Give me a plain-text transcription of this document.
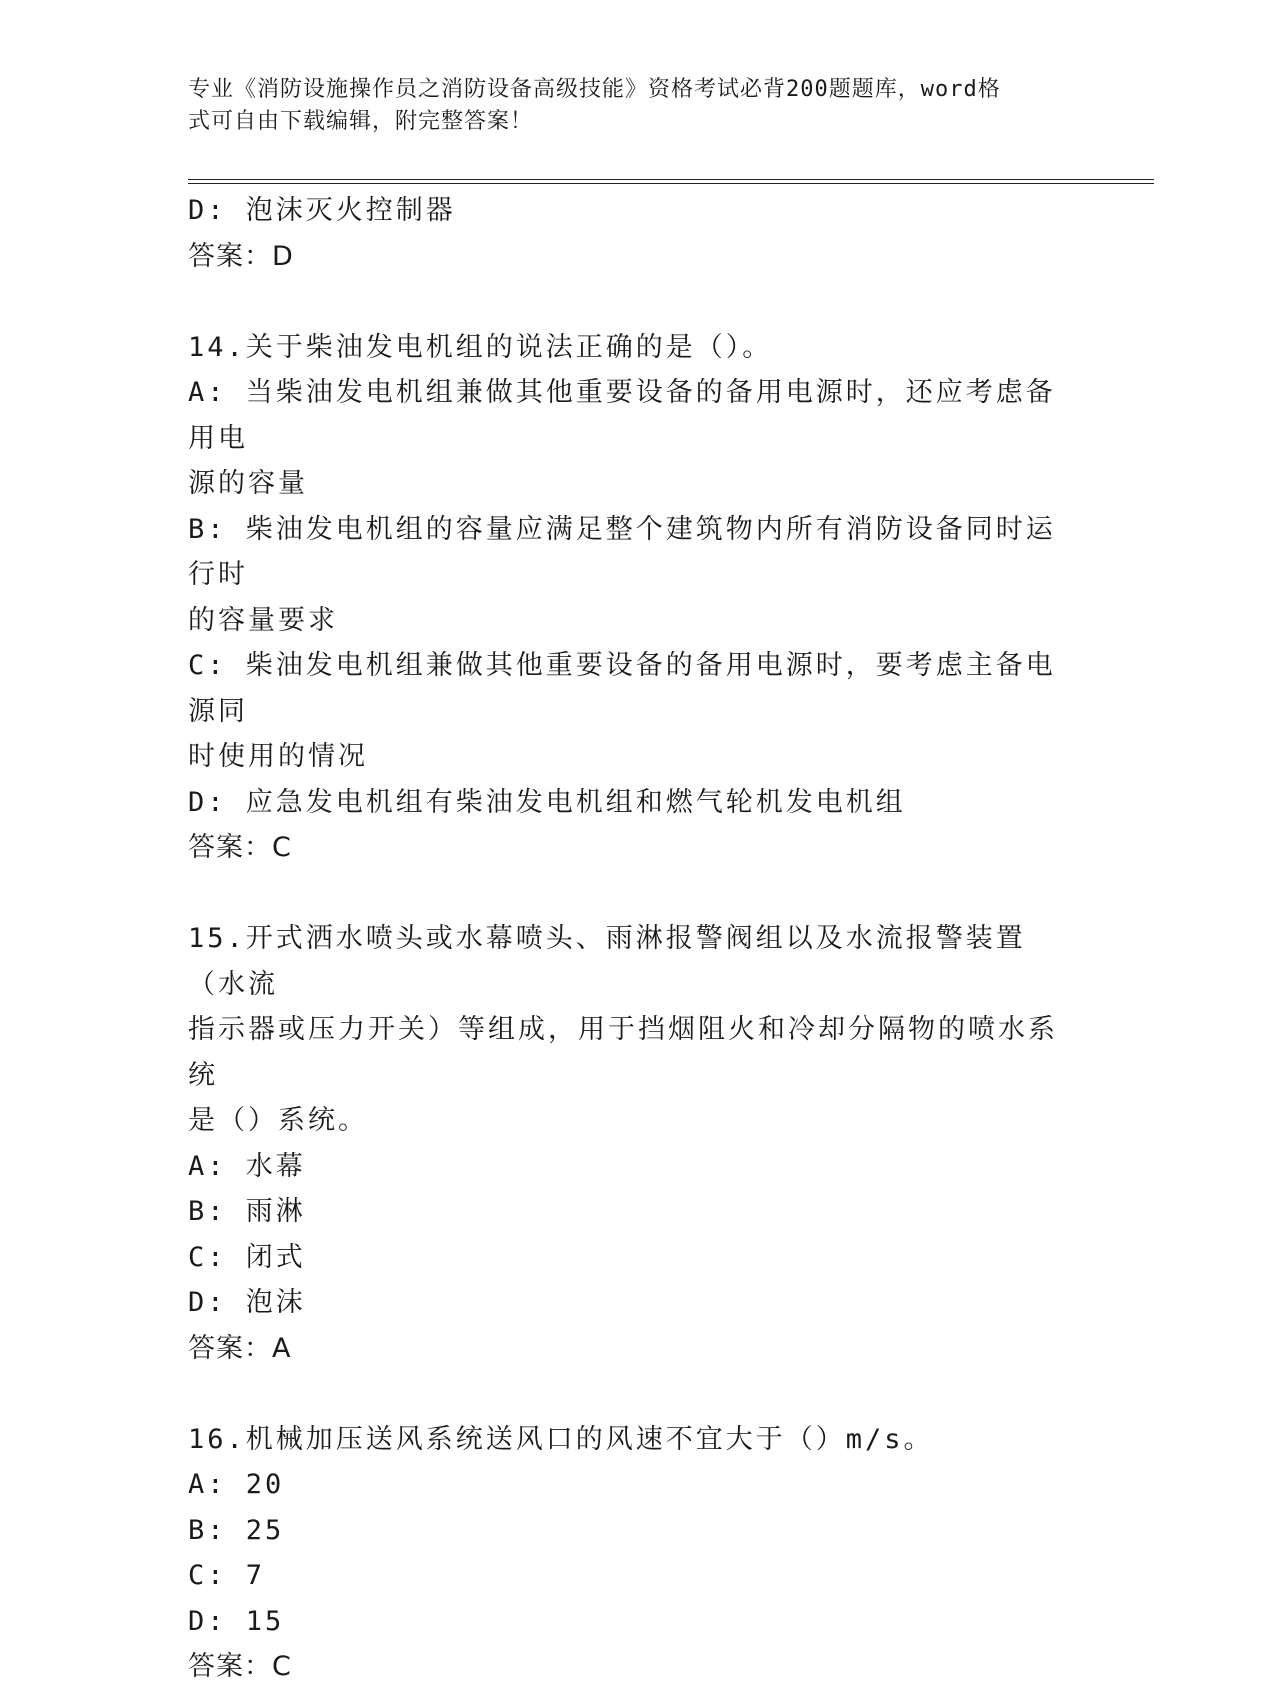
专业《消防设施操作员之消防设备高级技能》资格考试必背200题题库，word格
式可自由下载编辑，附完整答案！
D: 泡沫灭火控制器
答案：D
14.关于柴油发电机组的说法正确的是（）。
A: 当柴油发电机组兼做其他重要设备的备用电源时，还应考虑备用电
源的容量
B: 柴油发电机组的容量应满足整个建筑物内所有消防设备同时运行时
的容量要求
C: 柴油发电机组兼做其他重要设备的备用电源时，要考虑主备电源同
时使用的情况
D: 应急发电机组有柴油发电机组和燃气轮机发电机组
答案：C
15.开式洒水喷头或水幕喷头、雨淋报警阀组以及水流报警装置（水流
指示器或压力开关）等组成，用于挡烟阻火和冷却分隔物的喷水系统
是（）系统。
A: 水幕
B: 雨淋
C: 闭式
D: 泡沫
答案：A
16.机械加压送风系统送风口的风速不宜大于（）m/s。
A: 20
B: 25
C: 7
D: 15
答案：C
